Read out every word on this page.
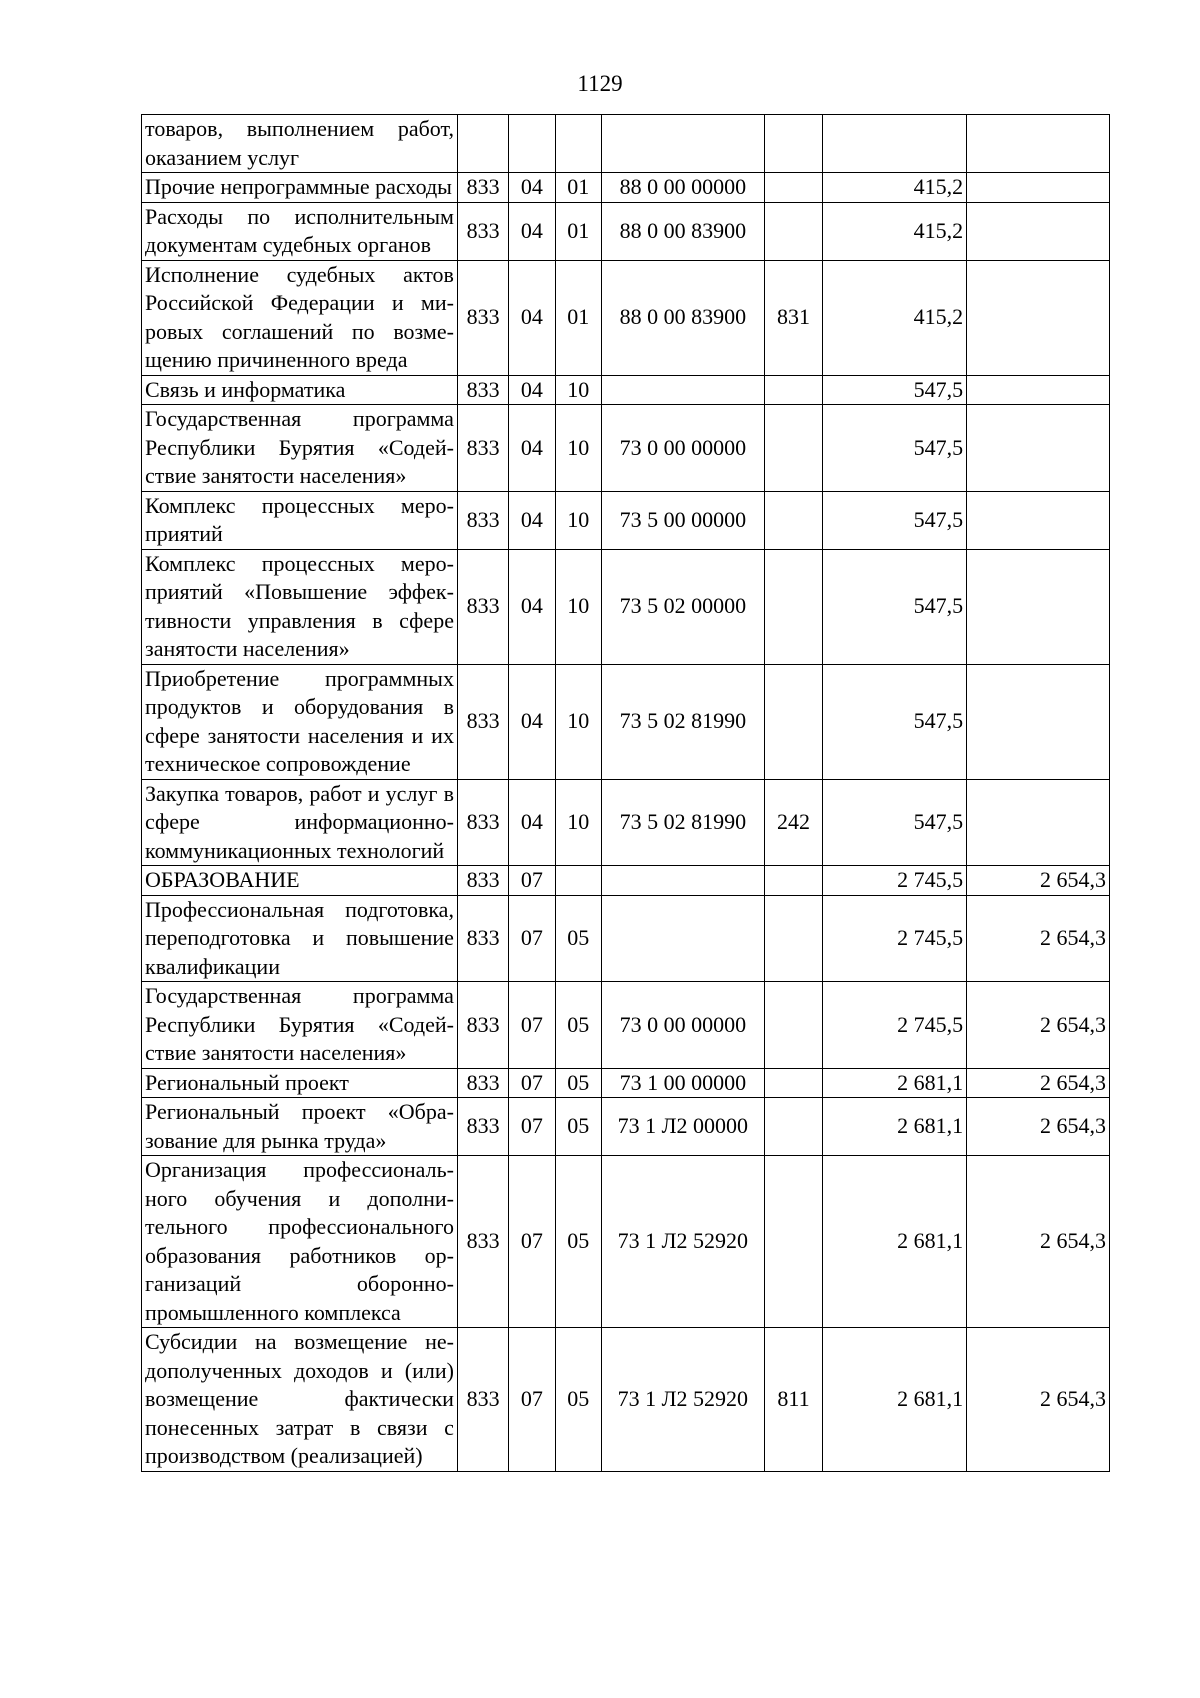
1129
товаров, выполнением работ, оказанием услуг							
Прочие непрограммные расходы	833	04	01	88 0 00 00000		415,2	
Расходы по исполнительным документам судебных органов	833	04	01	88 0 00 83900		415,2	
Исполнение судебных актов Российской Федерации и мировых соглашений по возмещению причиненного вреда	833	04	01	88 0 00 83900	831	415,2	
Связь и информатика	833	04	10			547,5	
Государственная программа Республики Бурятия «Содействие занятости населения»	833	04	10	73 0 00 00000		547,5	
Комплекс процессных мероприятий	833	04	10	73 5 00 00000		547,5	
Комплекс процессных мероприятий «Повышение эффективности управления в сфере занятости населения»	833	04	10	73 5 02 00000		547,5	
Приобретение программных продуктов и оборудования в сфере занятости населения и их техническое сопровождение	833	04	10	73 5 02 81990		547,5	
Закупка товаров, работ и услуг в сфере информационно-коммуникационных технологий	833	04	10	73 5 02 81990	242	547,5	
ОБРАЗОВАНИЕ	833	07				2 745,5	2 654,3
Профессиональная подготовка, переподготовка и повышение квалификации	833	07	05			2 745,5	2 654,3
Государственная программа Республики Бурятия «Содействие занятости населения»	833	07	05	73 0 00 00000		2 745,5	2 654,3
Региональный проект	833	07	05	73 1 00 00000		2 681,1	2 654,3
Региональный проект «Образование для рынка труда»	833	07	05	73 1 Л2 00000		2 681,1	2 654,3
Организация профессионального обучения и дополнительного профессионального образования работников организаций оборонно-промышленного комплекса	833	07	05	73 1 Л2 52920		2 681,1	2 654,3
Субсидии на возмещение недополученных доходов и (или) возмещение фактически понесенных затрат в связи с производством (реализацией)	833	07	05	73 1 Л2 52920	811	2 681,1	2 654,3
